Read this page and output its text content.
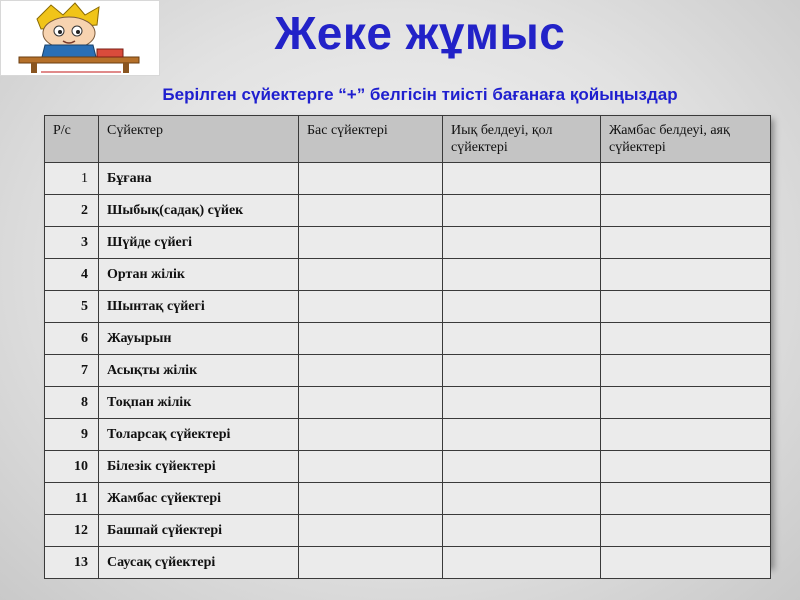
Жеке жұмыс
Берілген сүйектерге “+” белгісін тиісті бағанаға қойыңыздар
Р/с	Сүйектер	Бас сүйектері	Иық белдеуі, қол сүйектері	Жамбас белдеуі, аяқ сүйектері
1	Бұғана			
2	Шыбық(садақ) сүйек			
3	Шүйде сүйегі			
4	Ортан жілік			
5	Шынтақ сүйегі			
6	Жауырын			
7	Асықты жілік			
8	Тоқпан жілік			
9	Толарсақ сүйектері			
10	Білезік сүйектері			
11	Жамбас сүйектері			
12	Башпай сүйектері			
13	Саусақ сүйектері			
